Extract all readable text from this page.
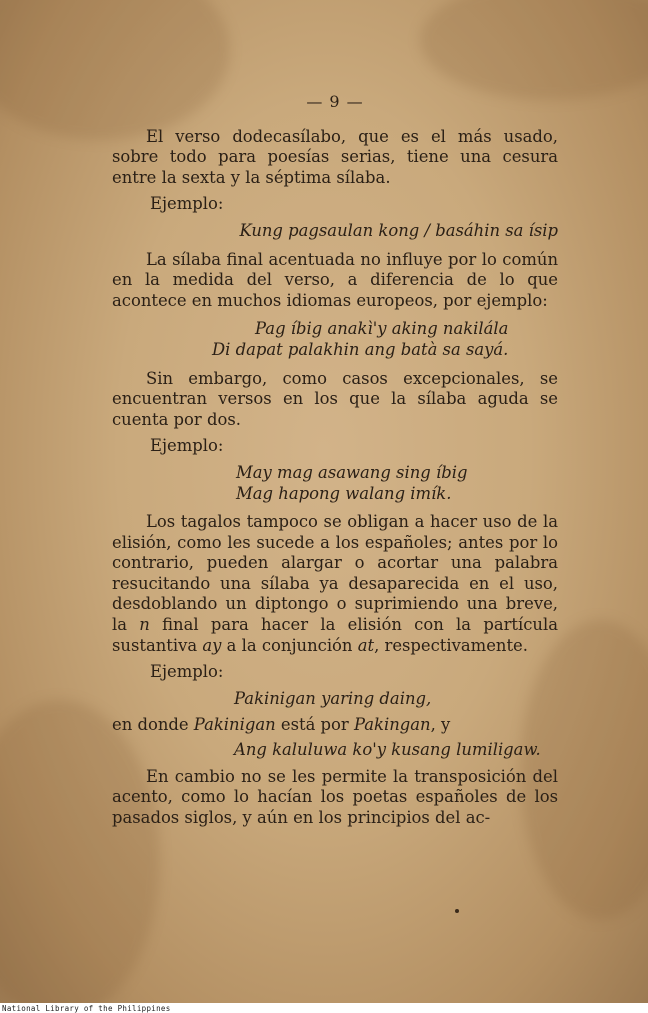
— 9 —

El verso dodecasílabo, que es el más usado, sobre todo para poesías serias, tiene una cesura entre la sexta y la séptima sílaba.

Ejemplo:

Kung pagsaulan kong / basáhin sa ísip

La sílaba final acentuada no influye por lo común en la medida del verso, a diferencia de lo que acontece en muchos idiomas europeos, por ejemplo:

Pag íbig anakì'y aking nakilála

Di dapat palakhin ang batà sa sayá.

Sin embargo, como casos excepcionales, se encuentran versos en los que la sílaba aguda se cuenta por dos.

Ejemplo:

May mag asawang sing íbig

Mag hapong walang imík.

Los tagalos tampoco se obligan a hacer uso de la elisión, como les sucede a los españoles; antes por lo contrario, pueden alargar o acortar una palabra resucitando una sílaba ya desaparecida en el uso, desdoblando un diptongo o suprimiendo una breve, la n final para hacer la elisión con la partícula sustantiva ay a la conjunción at, respectivamente.

Ejemplo:

Pakinigan yaring daing,

en donde Pakinigan está por Pakingan, y

Ang kaluluwa ko'y kusang lumiligaw.

En cambio no se les permite la transposición del acento, como lo hacían los poetas españoles de los pasados siglos, y aún en los principios del ac-

National Library of the Philippines
